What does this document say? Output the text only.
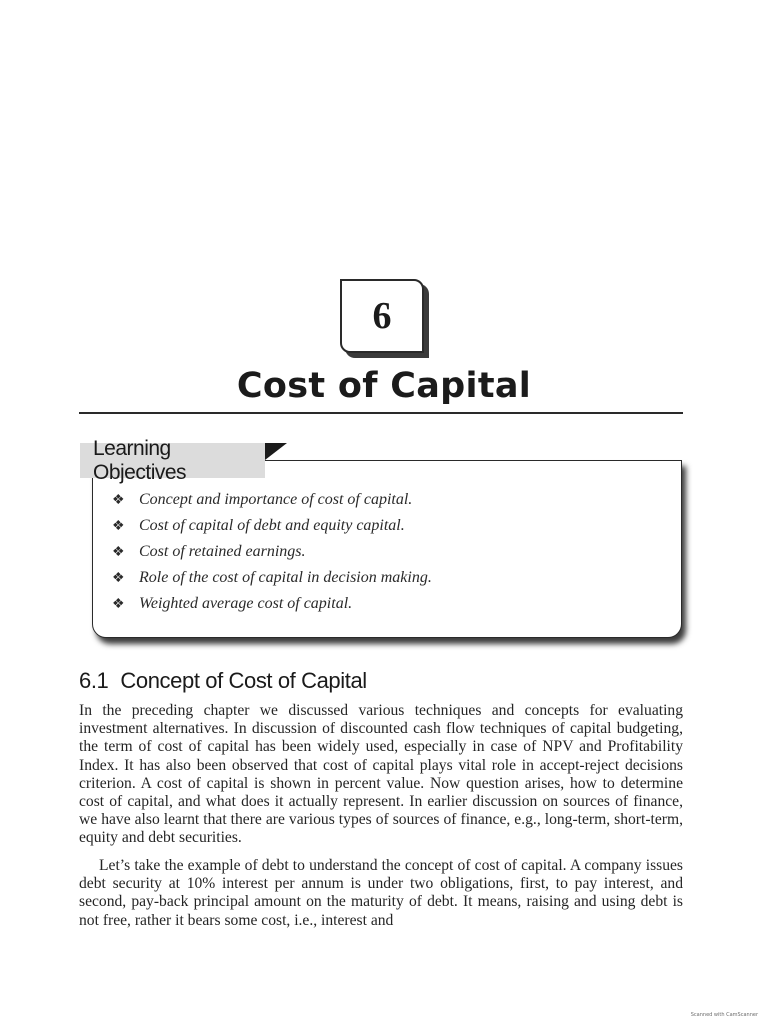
6
Cost of Capital
Learning Objectives
❖ Concept and importance of cost of capital.
❖ Cost of capital of debt and equity capital.
❖ Cost of retained earnings.
❖ Role of the cost of capital in decision making.
❖ Weighted average cost of capital.
6.1 Concept of Cost of Capital

In the preceding chapter we discussed various techniques and concepts for evaluating investment alternatives. In discussion of discounted cash flow techniques of capital budgeting, the term of cost of capital has been widely used, especially in case of NPV and Profitability Index. It has also been observed that cost of capital plays vital role in accept-reject decisions criterion. A cost of capital is shown in percent value. Now question arises, how to determine cost of capital, and what does it actually represent. In earlier discussion on sources of finance, we have also learnt that there are various types of sources of finance, e.g., long-term, short-term, equity and debt securities.

Let’s take the example of debt to understand the concept of cost of capital. A company issues debt security at 10% interest per annum is under two obligations, first, to pay interest, and second, pay-back principal amount on the maturity of debt. It means, raising and using debt is not free, rather it bears some cost, i.e., interest and

Scanned with CamScanner
